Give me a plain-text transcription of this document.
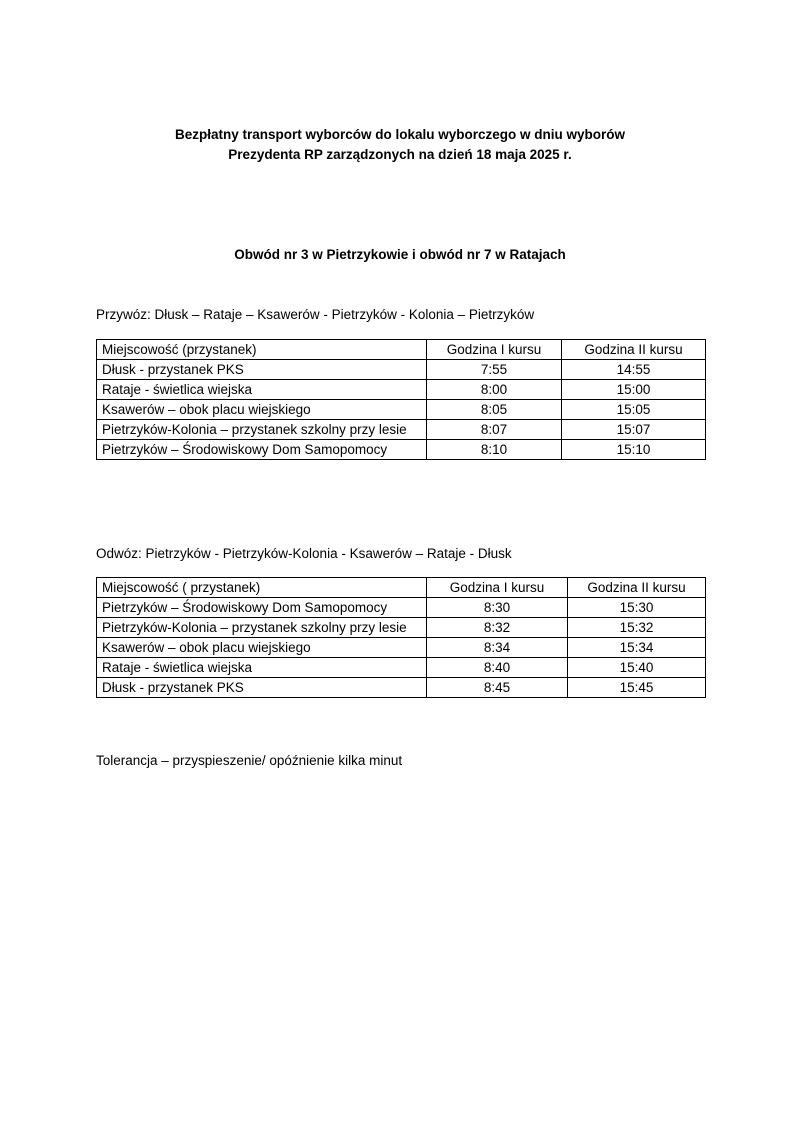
Bezpłatny transport wyborców do lokalu wyborczego w dniu wyborów
Prezydenta RP zarządzonych na dzień 18 maja 2025 r.
Obwód nr 3 w Pietrzykowie i obwód nr 7 w Ratajach
Przywóz: Dłusk – Rataje – Ksawerów - Pietrzyków - Kolonia – Pietrzyków
Miejscowość (przystanek)	Godzina I kursu	Godzina II kursu
Dłusk - przystanek PKS	7:55	14:55
Rataje - świetlica wiejska	8:00	15:00
Ksawerów – obok placu wiejskiego	8:05	15:05
Pietrzyków-Kolonia – przystanek szkolny przy lesie	8:07	15:07
Pietrzyków – Środowiskowy Dom Samopomocy	8:10	15:10
Odwóz: Pietrzyków - Pietrzyków-Kolonia - Ksawerów – Rataje - Dłusk
Miejscowość ( przystanek)	Godzina I kursu	Godzina II kursu
Pietrzyków – Środowiskowy Dom Samopomocy	8:30	15:30
Pietrzyków-Kolonia – przystanek szkolny przy lesie	8:32	15:32
Ksawerów – obok placu wiejskiego	8:34	15:34
Rataje - świetlica wiejska	8:40	15:40
Dłusk - przystanek PKS	8:45	15:45
Tolerancja – przyspieszenie/ opóźnienie kilka minut
